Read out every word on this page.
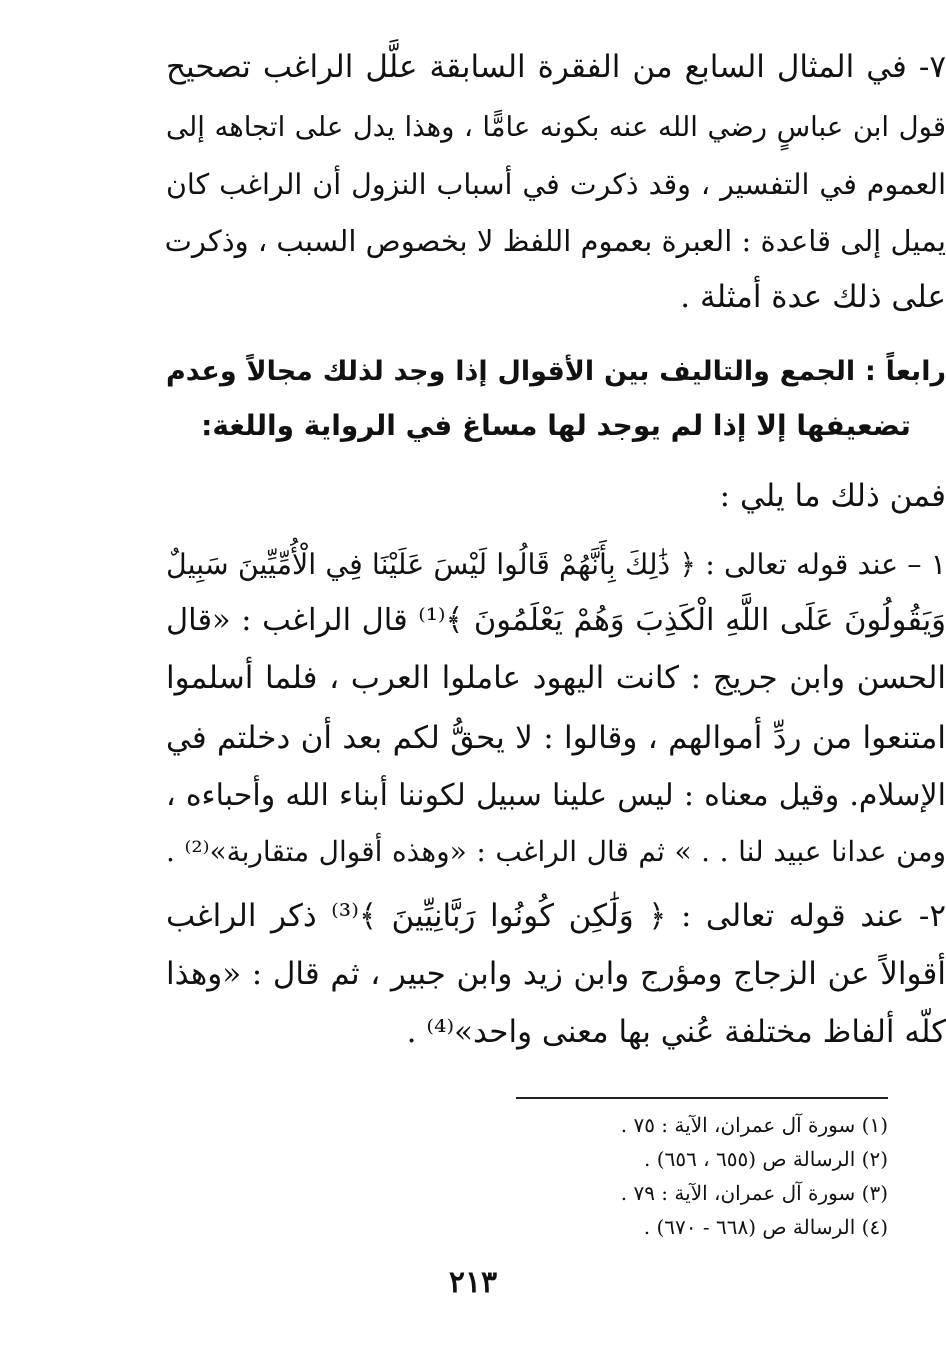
٧- في المثال السابع من الفقرة السابقة علَّل الراغب تصحيح
قول ابن عباسٍ رضي الله عنه بكونه عامًّا ، وهذا يدل على اتجاهه إلى
العموم في التفسير ، وقد ذكرت في أسباب النزول أن الراغب كان
يميل إلى قاعدة : العبرة بعموم اللفظ لا بخصوص السبب ، وذكرت
على ذلك عدة أمثلة .
رابعاً : الجمع والتاليف بين الأقوال إذا وجد لذلك مجالاً وعدم
تضعيفها إلا إذا لم يوجد لها مساغ في الرواية واللغة:
فمن ذلك ما يلي :
١ – عند قوله تعالى : ﴿ ذَٰلِكَ بِأَنَّهُمْ قَالُوا لَيْسَ عَلَيْنَا فِي الْأُمِّيِّينَ سَبِيلٌ
وَيَقُولُونَ عَلَى اللَّهِ الْكَذِبَ وَهُمْ يَعْلَمُونَ ﴾⁽¹⁾ قال الراغب : «قال
الحسن وابن جريج : كانت اليهود عاملوا العرب ، فلما أسلموا
امتنعوا من ردِّ أموالهم ، وقالوا : لا يحقُّ لكم بعد أن دخلتم في
الإسلام. وقيل معناه : ليس علينا سبيل لكوننا أبناء الله وأحباءه ،
ومن عدانا عبيد لنا . . » ثم قال الراغب : «وهذه أقوال متقاربة»⁽²⁾ .
٢- عند قوله تعالى : ﴿ وَلَٰكِن كُونُوا رَبَّانِيِّينَ ﴾⁽³⁾ ذكر الراغب
أقوالاً عن الزجاج ومؤرج وابن زيد وابن جبير ، ثم قال : «وهذا
كلّه ألفاظ مختلفة عُني بها معنى واحد»⁽⁴⁾ .
(١) سورة آل عمران، الآية : ٧٥ .
(٢) الرسالة ص (٦٥٥ ، ٦٥٦) .
(٣) سورة آل عمران، الآية : ٧٩ .
(٤) الرسالة ص (٦٦٨ - ٦٧٠) .
٢١٣
